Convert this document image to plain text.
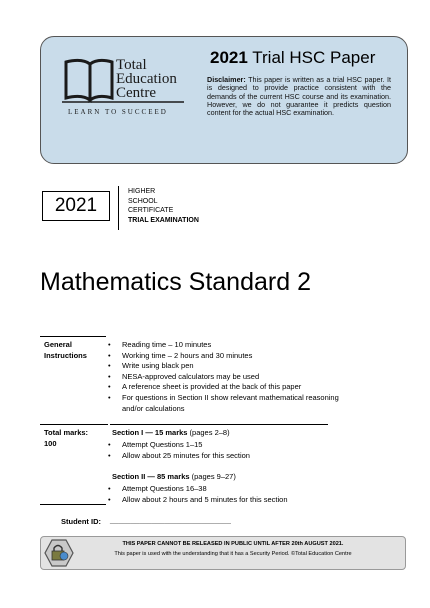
Total
Education
Centre
LEARN TO SUCCEED
2021 Trial HSC Paper
Disclaimer: This paper is written as a trial HSC paper. It is designed to provide practice consistent with the demands of the current HSC course and its examination. However, we do not guarantee it predicts question content for the actual HSC examination.
2021
HIGHER
SCHOOL
CERTIFICATE
TRIAL EXAMINATION
Mathematics Standard 2
General
Instructions
• Reading time – 10 minutes
• Working time – 2 hours and 30 minutes
• Write using black pen
• NESA-approved calculators may be used
• A reference sheet is provided at the back of this paper
• For questions in Section II show relevant mathematical reasoning and/or calculations
Total marks:
100
Section I — 15 marks (pages 2–8)
• Attempt Questions 1–15
• Allow about 25 minutes for this section
Section II — 85 marks (pages 9–27)
• Attempt Questions 16–38
• Allow about 2 hours and 5 minutes for this section
Student ID: _____________________________
THIS PAPER CANNOT BE RELEASED IN PUBLIC UNTIL AFTER 20th AUGUST 2021.
This paper is used with the understanding that it has a Security Period. ©Total Education Centre
